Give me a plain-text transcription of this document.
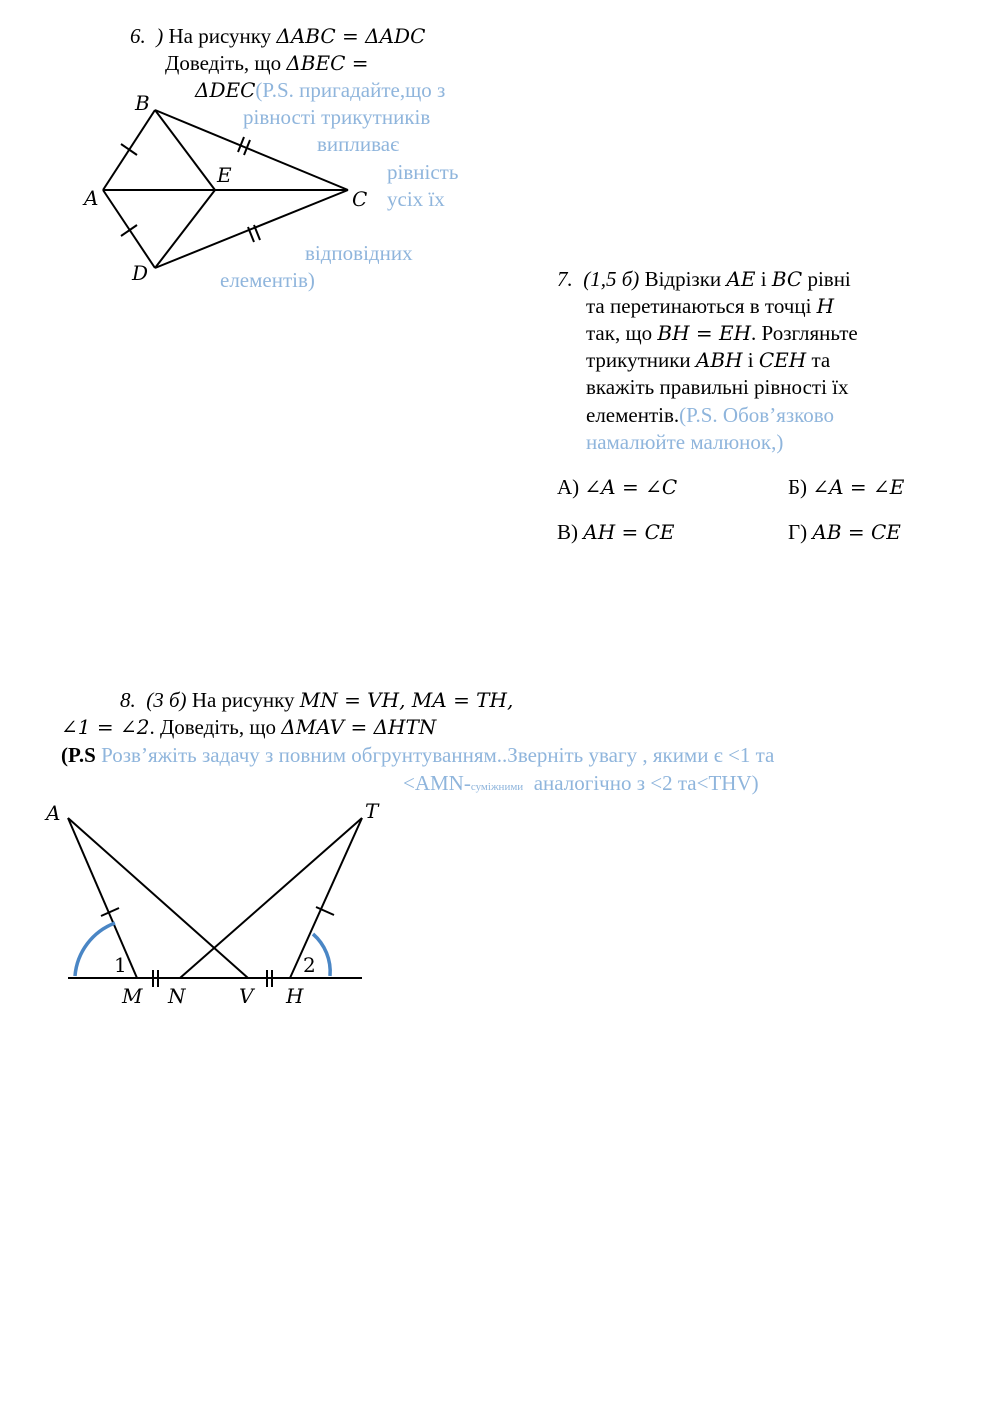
6. ) На рисунку ΔABC = ΔADC
Доведіть, що ΔBEC =
ΔDEC(P.S. пригадайте,що з
рівності трикутників
випливає
рівність
усіх їх
відповідних
елементів)
A
B
C
D
E
7. (1,5 б) Відрізки AE і BC рівні
та перетинаються в точці H
так, що BH = EH. Розгляньте
трикутники ABH і CEH та
вкажіть правильні рівності їх
елементів.(P.S. Обов’язково
намалюйте малюнок,)
А) ∠A = ∠C	Б) ∠A = ∠E
В) AH = CE	Г) AB = CE
8. (3 б) На рисунку MN = VH, MA = TH,
∠1 = ∠2. Доведіть, що ΔMAV = ΔHTN
(P.S Розв’яжіть задачу з повним обгрунтуванням..Зверніть увагу , якими є <1 та
<AMN-суміжними аналогічно з <2 та<THV)
A	T
M N	V H
1	2
